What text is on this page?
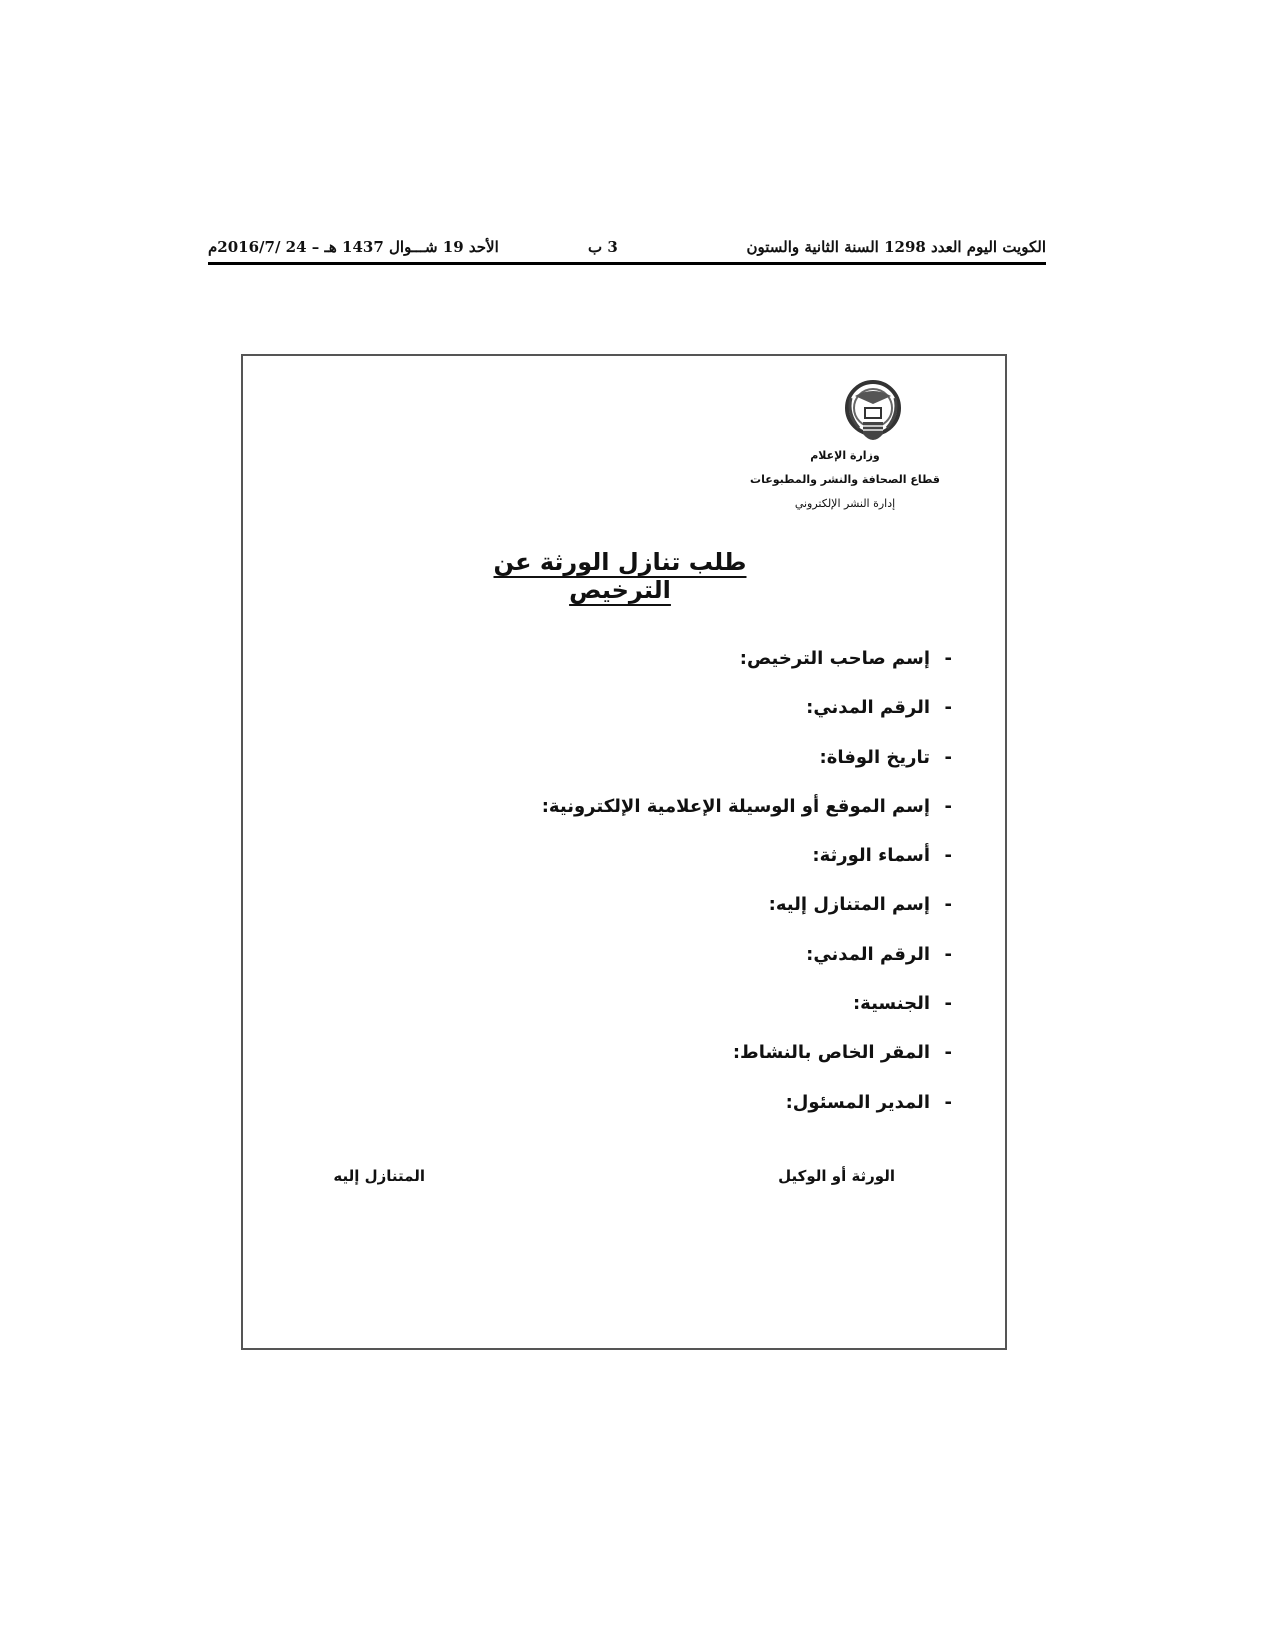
الكويت اليوم العدد 1298 السنة الثانية والستون
3 ب
الأحد 19 شـــوال 1437 هـ – 24 /2016/7م
وزارة الإعلام
قطاع الصحافة والنشر والمطبوعات
إدارة النشر الإلكتروني
طلب تنازل الورثة عن الترخيص
-إسم صاحب الترخيص:
-الرقم المدني:
-تاريخ الوفاة:
-إسم الموقع أو الوسيلة الإعلامية الإلكترونية:
-أسماء الورثة:
-إسم المتنازل إليه:
-الرقم المدني:
-الجنسية:
-المقر الخاص بالنشاط:
-المدير المسئول:
الورثة أو الوكيل
المتنازل إليه
